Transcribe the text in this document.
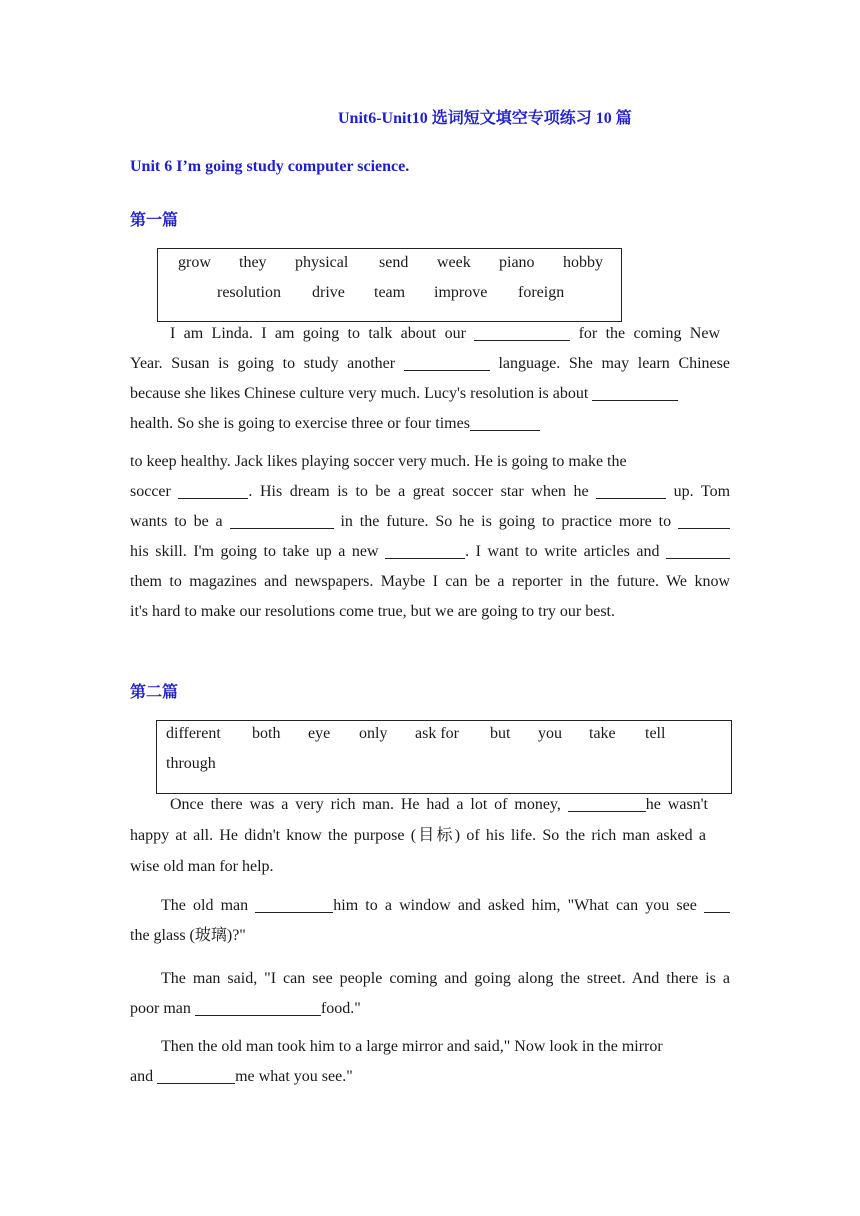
Unit6-Unit10 选词短文填空专项练习 10 篇
Unit 6 I’m going study computer science.
第一篇
grow they physical send week piano hobby
resolution drive team improve foreign
I am Linda. I am going to talk about our	for the coming New
Year. Susan is going to study another	language. She may learn Chinese
because she likes Chinese culture very much. Lucy's resolution is about
health. So she is going to exercise three or four times
to keep healthy. Jack likes playing soccer very much. He is going to make the
soccer	. His dream is to be a great soccer star when he	up. Tom
wants to be a	in the future. So he is going to practice more to
his skill. I'm going to take up a new	. I want to write articles and
them to magazines and newspapers. Maybe I can be a reporter in the future. We know
it's hard to make our resolutions come true, but we are going to try our best.
第二篇
different both eye only ask for but you take tell
through
Once there was a very rich man. He had a lot of money,	he wasn't
happy at all. He didn't know the purpose (目标) of his life. So the rich man asked a
wise old man for help.
The old man	him to a window and asked him, "What can you see
the glass (玻璃)?"
The man said, "I can see people coming and going along the street. And there is a
poor man	food."
Then the old man took him to a large mirror and said," Now look in the mirror
and	me what you see."
